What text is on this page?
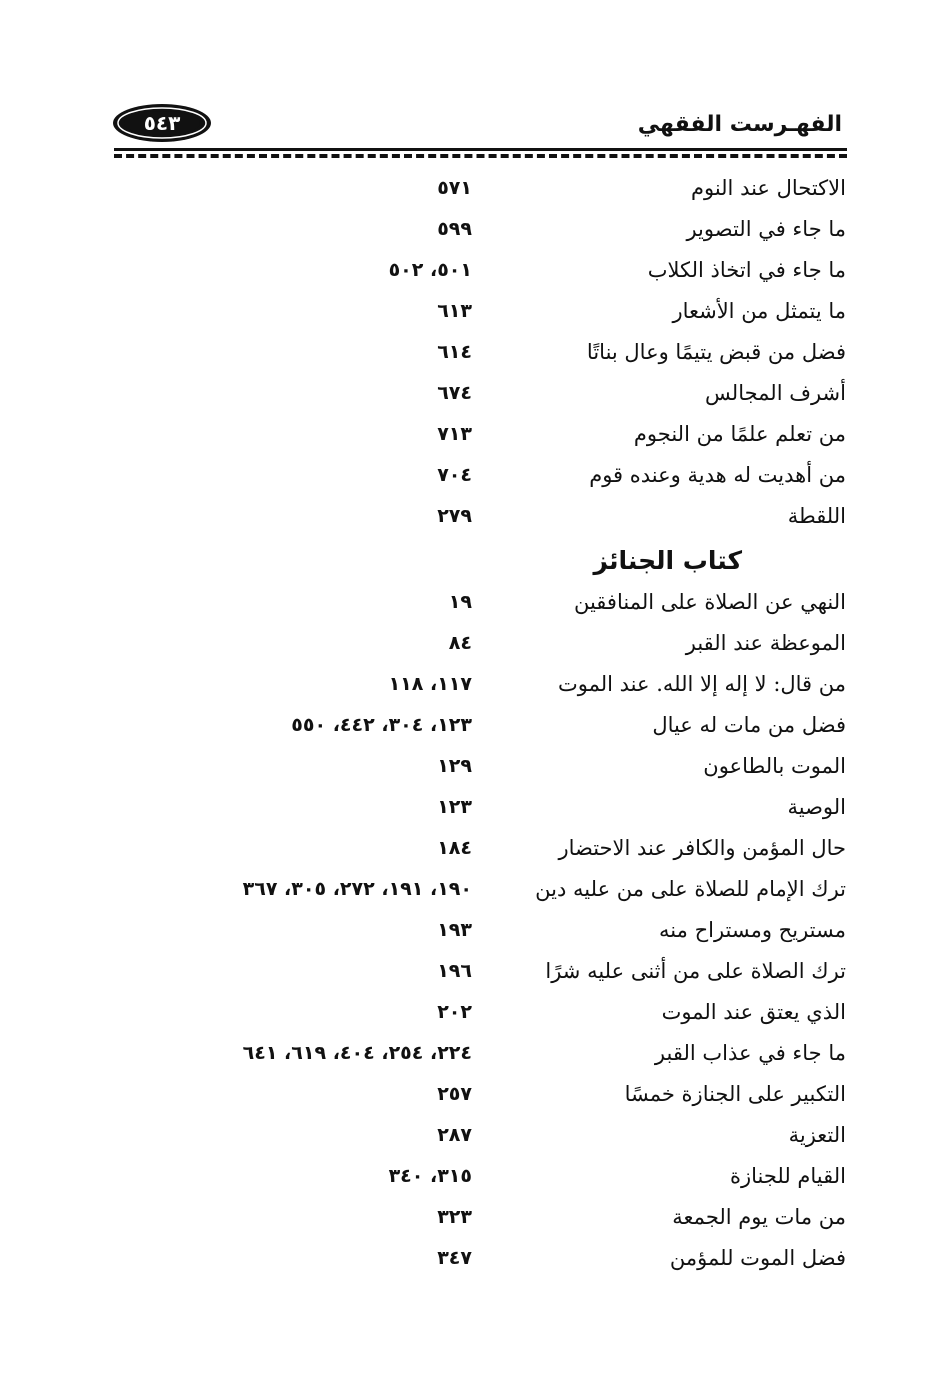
الفهـرست الفقهي
٥٤٣
الاكتحال عند النوم
٥٧١
ما جاء في التصوير
٥٩٩
ما جاء في اتخاذ الكلاب
٥٠١، ٥٠٢
ما يتمثل من الأشعار
٦١٣
فضل من قبض يتيمًا وعال بناتًا
٦١٤
أشرف المجالس
٦٧٤
من تعلم علمًا من النجوم
٧١٣
من أهديت له هدية وعنده قوم
٧٠٤
اللقطة
٢٧٩
كتاب الجنائز
النهي عن الصلاة على المنافقين
١٩
الموعظة عند القبر
٨٤
من قال: لا إله إلا الله. عند الموت
١١٧، ١١٨
فضل من مات له عيال
١٢٣، ٣٠٤، ٤٤٢، ٥٥٠
الموت بالطاعون
١٢٩
الوصية
١٢٣
حال المؤمن والكافر عند الاحتضار
١٨٤
ترك الإمام للصلاة على من عليه دين
١٩٠، ١٩١، ٢٧٢، ٣٠٥، ٣٦٧
مستريح ومستراح منه
١٩٣
ترك الصلاة على من أثنى عليه شرًا
١٩٦
الذي يعتق عند الموت
٢٠٢
ما جاء في عذاب القبر
٢٢٤، ٢٥٤، ٤٠٤، ٦١٩، ٦٤١
التكبير على الجنازة خمسًا
٢٥٧
التعزية
٢٨٧
القيام للجنازة
٣١٥، ٣٤٠
من مات يوم الجمعة
٣٢٣
فضل الموت للمؤمن
٣٤٧
